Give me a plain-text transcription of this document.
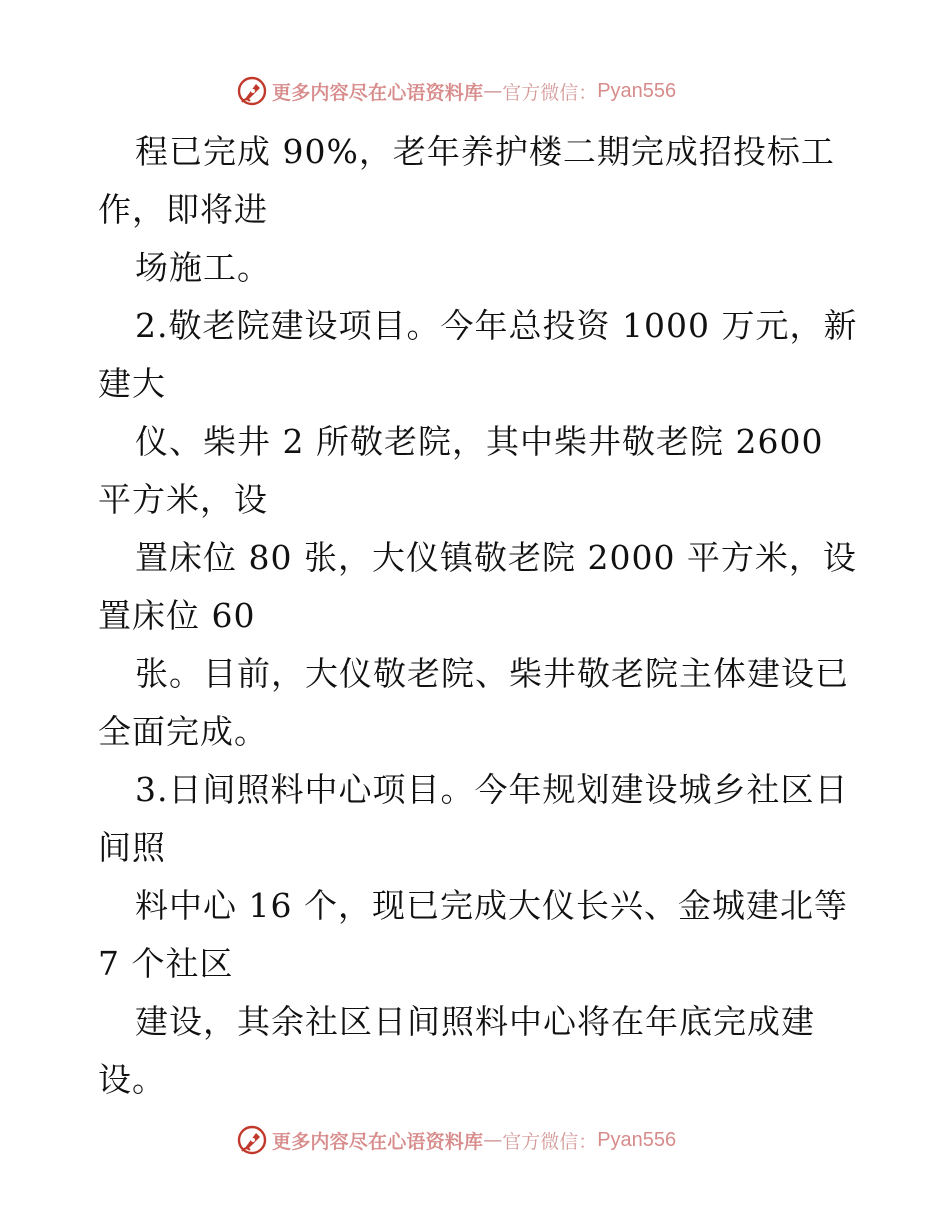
更多内容尽在心语资料库 — 官方微信： Pyan556
程已完成 90%，老年养护楼二期完成招投标工
作，即将进
场施工。
2.敬老院建设项目。今年总投资 1000 万元，新
建大
仪、柴井 2 所敬老院，其中柴井敬老院 2600
平方米，设
置床位 80 张，大仪镇敬老院 2000 平方米，设
置床位 60
张。目前，大仪敬老院、柴井敬老院主体建设已
全面完成。
3.日间照料中心项目。今年规划建设城乡社区日
间照
料中心 16 个，现已完成大仪长兴、金城建北等
7 个社区
建设，其余社区日间照料中心将在年底完成建
设。
更多内容尽在心语资料库 — 官方微信： Pyan556
